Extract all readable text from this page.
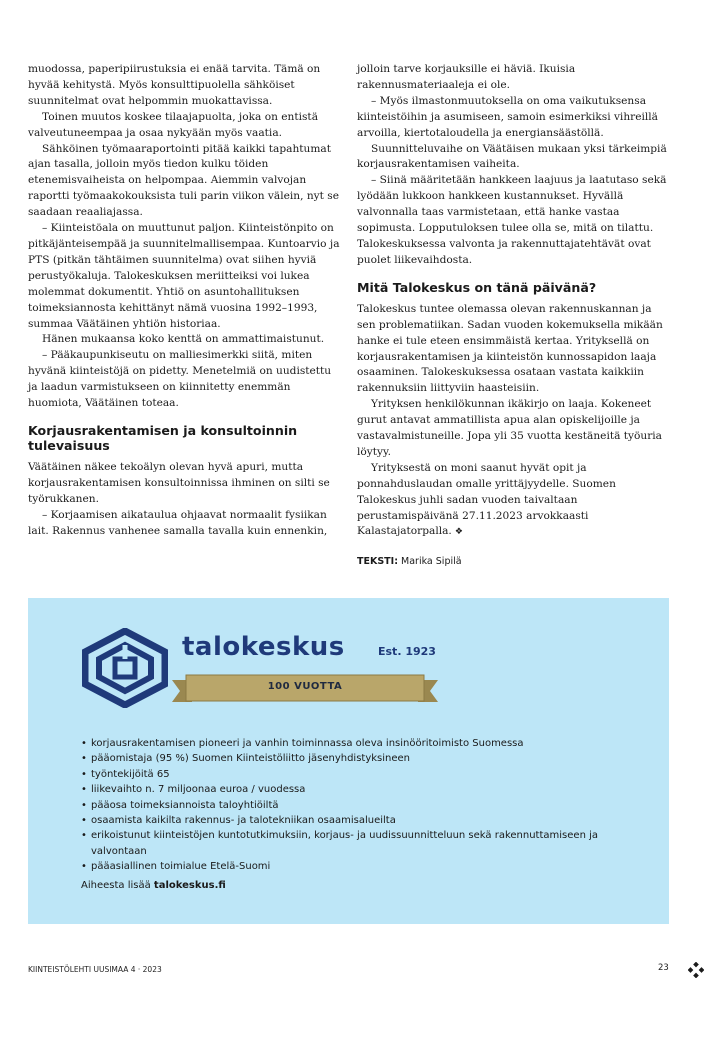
muodossa, paperipiirustuksia ei enää tarvita. Tämä on hyvää kehitystä. Myös konsulttipuolella sähköiset suunnitelmat ovat helpommin muokattavissa.

Toinen muutos koskee tilaajapuolta, joka on entistä valveutuneempaa ja osaa nykyään myös vaatia.

Sähköinen työmaaraportointi pitää kaikki tapahtumat ajan tasalla, jolloin myös tiedon kulku töiden etenemisvaiheista on helpompaa. Aiemmin valvojan raportti työmaakokouksista tuli parin viikon välein, nyt se saadaan reaaliajassa.

– Kiinteistöala on muuttunut paljon. Kiinteistönpito on pitkäjänteisempää ja suunnitelmallisempaa. Kuntoarvio ja PTS (pitkän tähtäimen suunnitelma) ovat siihen hyviä perustyökaluja. Talokeskuksen meriitteiksi voi lukea molemmat dokumentit. Yhtiö on asuntohallituksen toimeksiannosta kehittänyt nämä vuosina 1992–1993, summaa Väätäinen yhtiön historiaa.

Hänen mukaansa koko kenttä on ammattimaistunut.

– Pääkaupunkiseutu on malliesimerkki siitä, miten hyvänä kiinteistöjä on pidetty. Menetelmiä on uudistettu ja laadun varmistukseen on kiinnitetty enemmän huomiota, Väätäinen toteaa.

Korjausrakentamisen ja konsultoinnin tulevaisuus

Väätäinen näkee tekoälyn olevan hyvä apuri, mutta korjausrakentamisen konsultoinnissa ihminen on silti se työrukkanen.

– Korjaamisen aikataulua ohjaavat normaalit fysiikan lait. Rakennus vanhenee samalla tavalla kuin ennenkin,

jolloin tarve korjauksille ei häviä. Ikuisia rakennusmateriaaleja ei ole.

– Myös ilmastonmuutoksella on oma vaikutuksensa kiinteistöihin ja asumiseen, samoin esimerkiksi vihreillä arvoilla, kiertotaloudella ja energiansäästöllä.

Suunnitteluvaihe on Väätäisen mukaan yksi tärkeimpiä korjausrakentamisen vaiheita.

– Siinä määritetään hankkeen laajuus ja laatutaso sekä lyödään lukkoon hankkeen kustannukset. Hyvällä valvonnalla taas varmistetaan, että hanke vastaa sopimusta. Lopputuloksen tulee olla se, mitä on tilattu. Talokeskuksessa valvonta ja rakennuttajatehtävät ovat puolet liikevaihdosta.

Mitä Talokeskus on tänä päivänä?

Talokeskus tuntee olemassa olevan rakennuskannan ja sen problematiikan. Sadan vuoden kokemuksella mikään hanke ei tule eteen ensimmäistä kertaa. Yrityksellä on korjausrakentamisen ja kiinteistön kunnossapidon laaja osaaminen. Talokeskuksessa osataan vastata kaikkiin rakennuksiin liittyviin haasteisiin.

Yrityksen henkilökunnan ikäkirjo on laaja. Kokeneet gurut antavat ammatillista apua alan opiskelijoille ja vastavalmistuneille. Jopa yli 35 vuotta kestäneitä työuria löytyy.

Yrityksestä on moni saanut hyvät opit ja ponnahduslaudan omalle yrittäjyydelle. Suomen Talokeskus juhli sadan vuoden taivaltaan perustamispäivänä 27.11.2023 arvokkaasti Kalastajatorpalla. ❖

TEKSTI: Marika Sipilä
talokeskus	Est. 1923
100 VUOTTA
• korjausrakentamisen pioneeri ja vanhin toiminnassa oleva insinööritoimisto Suomessa
• pääomistaja (95 %) Suomen Kiinteistöliitto jäsenyhdistyksineen
• työntekijöitä 65
• liikevaihto n. 7 miljoonaa euroa / vuodessa
• pääosa toimeksiannoista taloyhtiöiltä
• osaamista kaikilta rakennus- ja talotekniikan osaamisalueilta
• erikoistunut kiinteistöjen kuntotutkimuksiin, korjaus- ja uudissuunnitteluun sekä rakennuttamiseen ja valvontaan
• pääasiallinen toimialue Etelä-Suomi
Aiheesta lisää talokeskus.fi
KIINTEISTÖLEHTI UUSIMAA 4 · 2023	23
